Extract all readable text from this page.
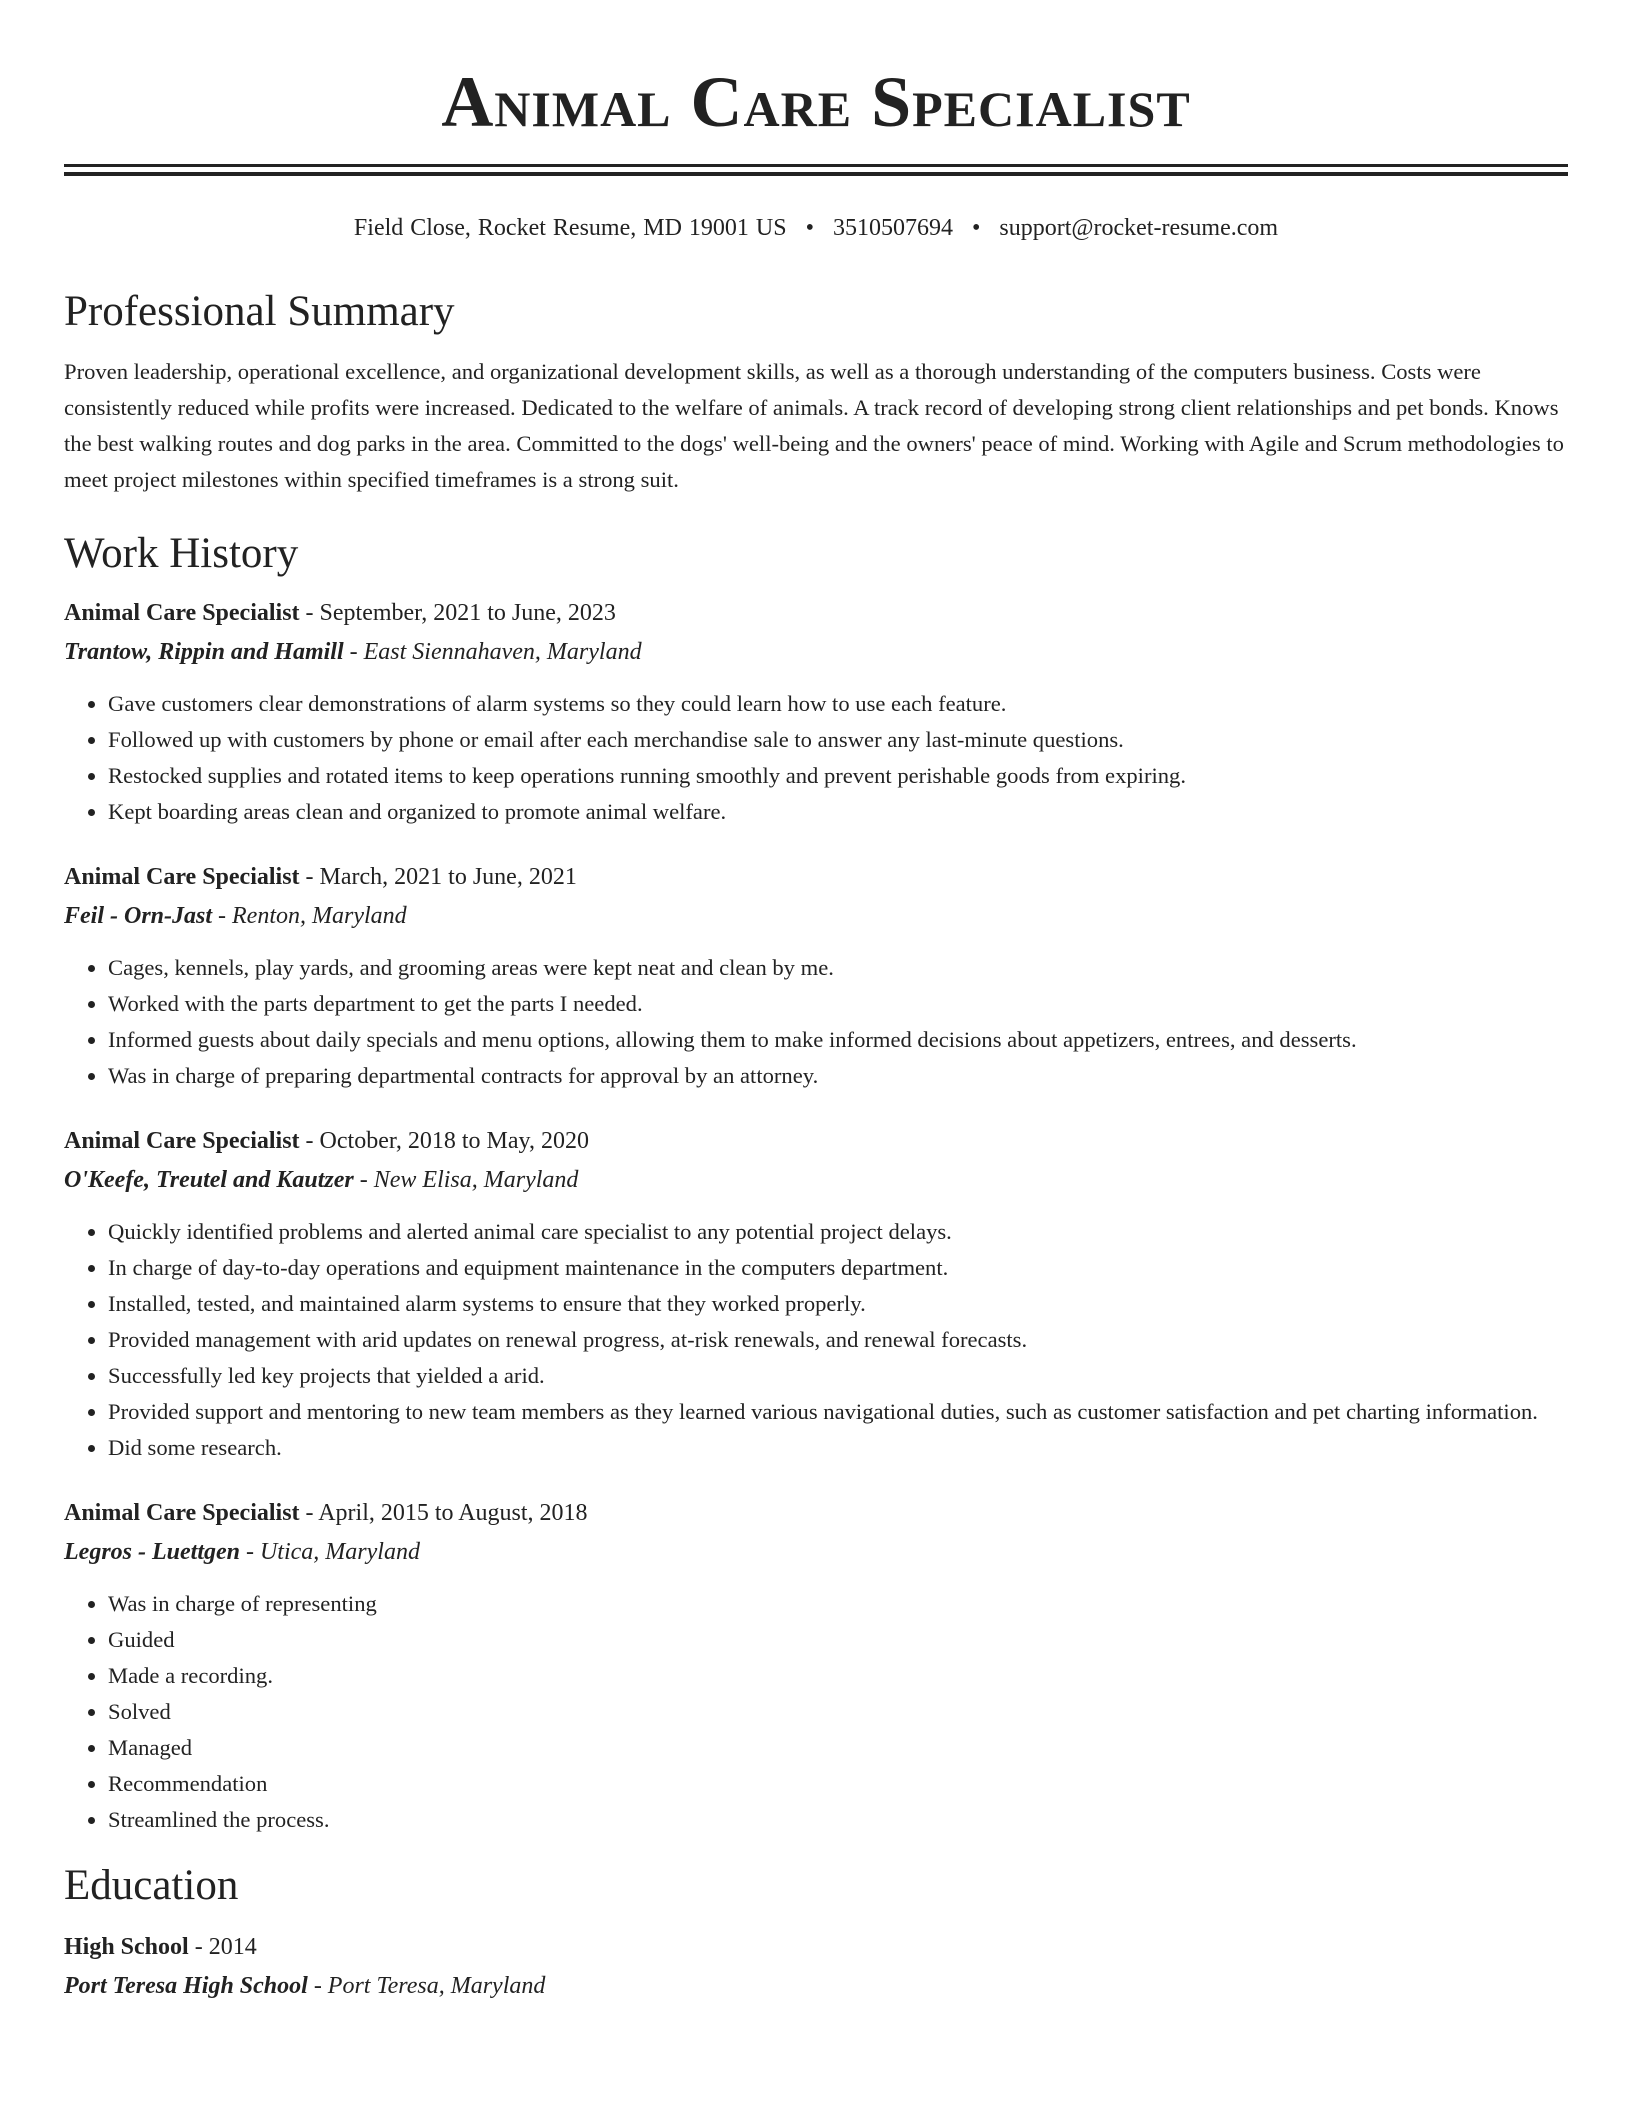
Animal Care Specialist
Field Close, Rocket Resume, MD 19001 US • 3510507694 • support@rocket-resume.com
Professional Summary

Proven leadership, operational excellence, and organizational development skills, as well as a thorough understanding of the computers business. Costs were consistently reduced while profits were increased. Dedicated to the welfare of animals. A track record of developing strong client relationships and pet bonds. Knows the best walking routes and dog parks in the area. Committed to the dogs' well-being and the owners' peace of mind. Working with Agile and Scrum methodologies to meet project milestones within specified timeframes is a strong suit.

Work History
Animal Care Specialist - September, 2021 to June, 2023
Trantow, Rippin and Hamill - East Siennahaven, Maryland
• Gave customers clear demonstrations of alarm systems so they could learn how to use each feature.
• Followed up with customers by phone or email after each merchandise sale to answer any last-minute questions.
• Restocked supplies and rotated items to keep operations running smoothly and prevent perishable goods from expiring.
• Kept boarding areas clean and organized to promote animal welfare.
Animal Care Specialist - March, 2021 to June, 2021
Feil - Orn-Jast - Renton, Maryland
• Cages, kennels, play yards, and grooming areas were kept neat and clean by me.
• Worked with the parts department to get the parts I needed.
• Informed guests about daily specials and menu options, allowing them to make informed decisions about appetizers, entrees, and desserts.
• Was in charge of preparing departmental contracts for approval by an attorney.
Animal Care Specialist - October, 2018 to May, 2020
O'Keefe, Treutel and Kautzer - New Elisa, Maryland
• Quickly identified problems and alerted animal care specialist to any potential project delays.
• In charge of day-to-day operations and equipment maintenance in the computers department.
• Installed, tested, and maintained alarm systems to ensure that they worked properly.
• Provided management with arid updates on renewal progress, at-risk renewals, and renewal forecasts.
• Successfully led key projects that yielded a arid.
• Provided support and mentoring to new team members as they learned various navigational duties, such as customer satisfaction and pet charting information.
• Did some research.
Animal Care Specialist - April, 2015 to August, 2018
Legros - Luettgen - Utica, Maryland
• Was in charge of representing
• Guided
• Made a recording.
• Solved
• Managed
• Recommendation
• Streamlined the process.
Education
High School - 2014
Port Teresa High School - Port Teresa, Maryland
